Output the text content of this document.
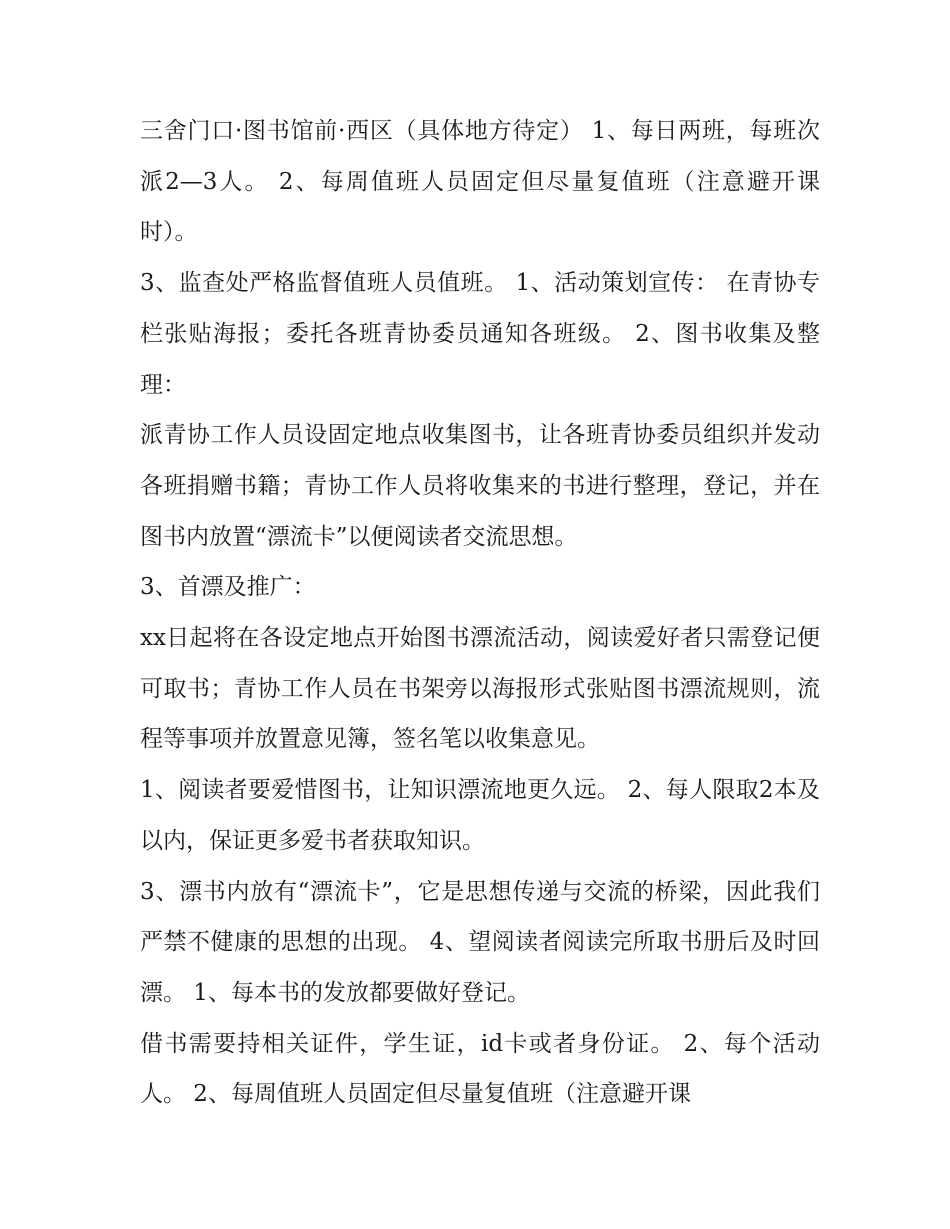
三舍门口·图书馆前·西区（具体地方待定） 1、每日两班，每班次派2—3人。 2、每周值班人员固定但尽量复值班（注意避开课时）。

3、监查处严格监督值班人员值班。 1、活动策划宣传： 在青协专栏张贴海报；委托各班青协委员通知各班级。 2、图书收集及整理：

派青协工作人员设固定地点收集图书，让各班青协委员组织并发动各班捐赠书籍；青协工作人员将收集来的书进行整理，登记，并在图书内放置“漂流卡”以便阅读者交流思想。

3、首漂及推广：

xx日起将在各设定地点开始图书漂流活动，阅读爱好者只需登记便可取书；青协工作人员在书架旁以海报形式张贴图书漂流规则，流程等事项并放置意见簿，签名笔以收集意见。

1、阅读者要爱惜图书，让知识漂流地更久远。 2、每人限取2本及以内，保证更多爱书者获取知识。

3、漂书内放有“漂流卡”，它是思想传递与交流的桥梁，因此我们严禁不健康的思想的出现。 4、望阅读者阅读完所取书册后及时回漂。 1、每本书的发放都要做好登记。

借书需要持相关证件，学生证，id卡或者身份证。 2、每个活动人。 2、每周值班人员固定但尽量复值班（注意避开课
